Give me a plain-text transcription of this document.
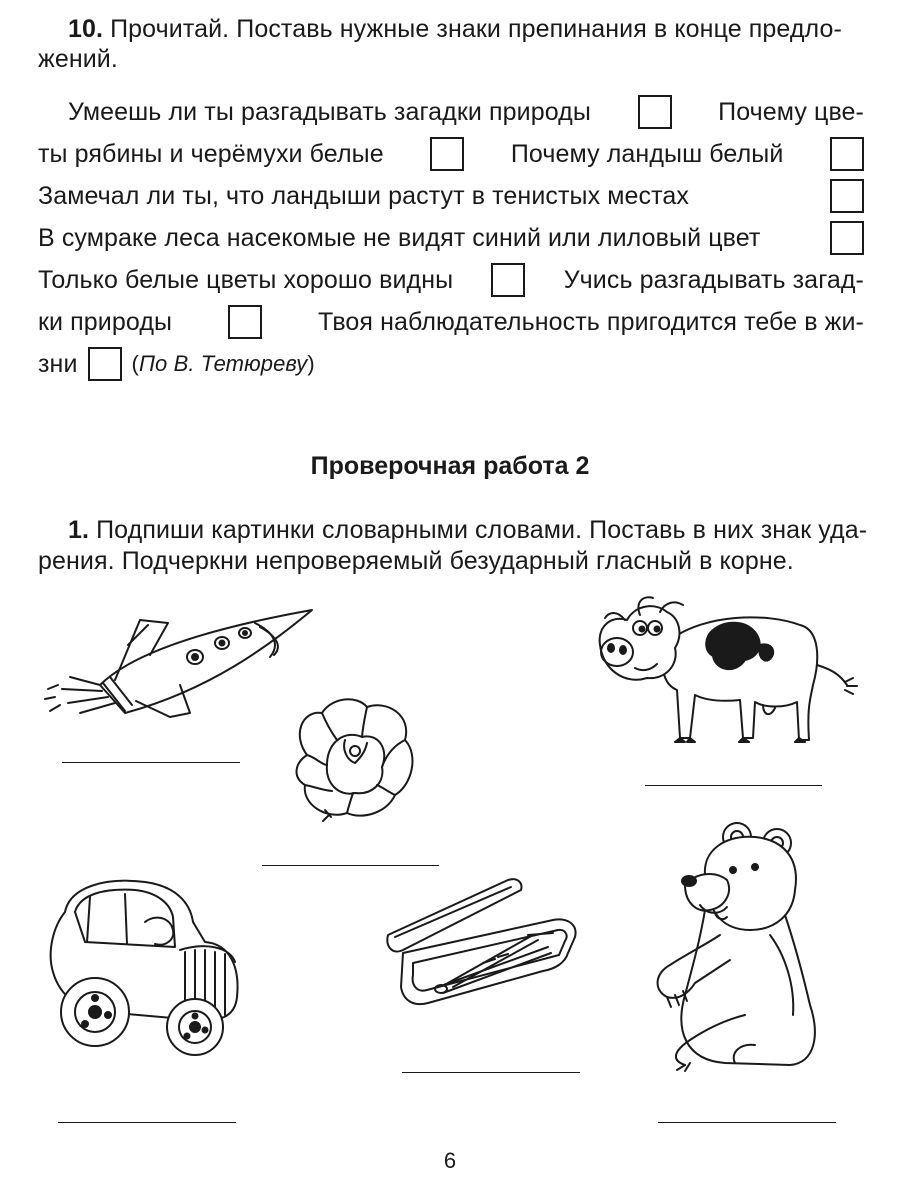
10. Прочитай. Поставь нужные знаки препинания в конце предло-
жений.
Умеешь ли ты разгадывать загадки природы	Почему цве-
ты рябины и черёмухи белые	Почему ландыш белый
Замечал ли ты, что ландыши растут в тенистых местах
В сумраке леса насекомые не видят синий или лиловый цвет
Только белые цветы хорошо видны	Учись разгадывать загад-
ки природы	Твоя наблюдательность пригодится тебе в жи-
зни (По В. Тетюреву)
Проверочная работа 2
1. Подпиши картинки словарными словами. Поставь в них знак уда-
рения. Подчеркни непроверяемый безударный гласный в корне.
6
